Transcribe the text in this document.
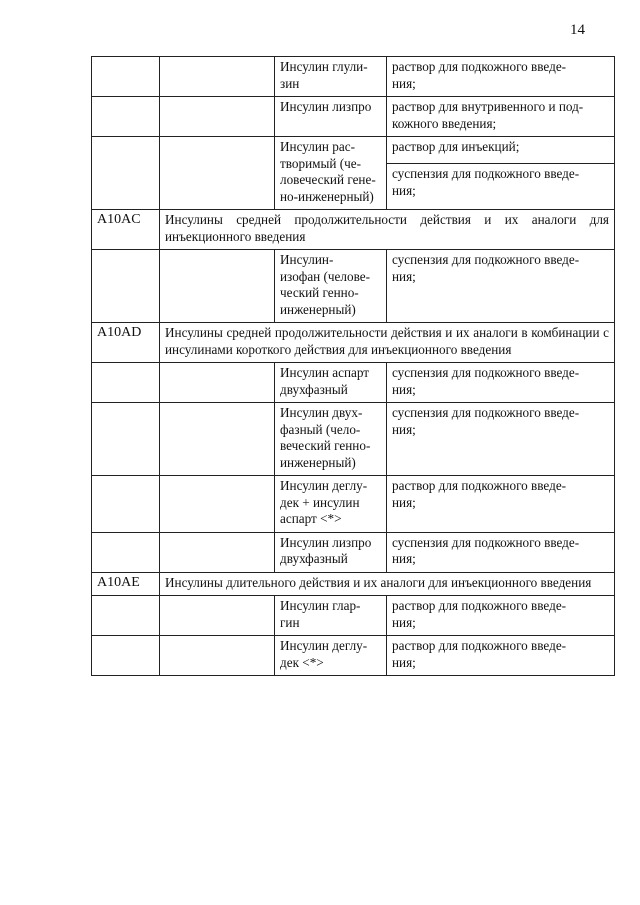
14
		Инсулин глули-
зин	раствор для подкожного введе-
ния;
		Инсулин лизпро	раствор для внутривенного и под-
кожного введения;
		Инсулин рас-
творимый (че-
ловеческий гене-
но-инженерный)	раствор для инъекций;
			суспензия для подкожного введе-
ния;
A10AC	Инсулины средней продолжительности действия и их аналоги для инъекционного введения		
		Инсулин-
изофан (челове-
ческий генно-
инженерный)	суспензия для подкожного введе-
ния;
A10AD	Инсулины средней продолжительности действия и их аналоги в комбинации с инсулинами короткого действия для инъекционного введения		
		Инсулин аспарт
двухфазный	суспензия для подкожного введе-
ния;
		Инсулин двух-
фазный (чело-
веческий генно-
инженерный)	суспензия для подкожного введе-
ния;
		Инсулин деглу-
дек + инсулин
аспарт <*>	раствор для подкожного введе-
ния;
		Инсулин лизпро
двухфазный	суспензия для подкожного введе-
ния;
A10AE	Инсулины длительного действия и их аналоги для инъекционного введения		
		Инсулин глар-
гин	раствор для подкожного введе-
ния;
		Инсулин деглу-
дек <*>	раствор для подкожного введе-
ния;
